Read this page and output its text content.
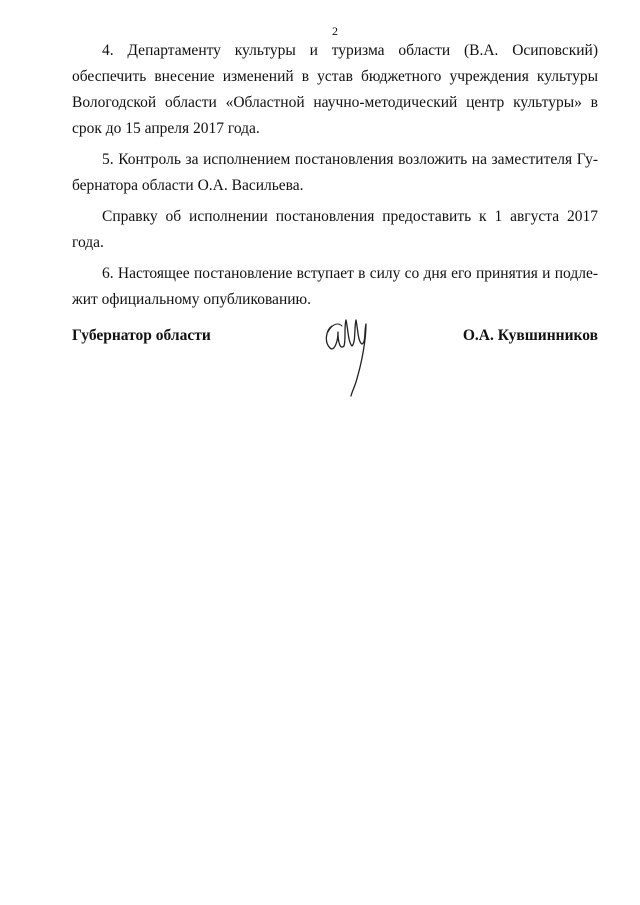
2

4. Департаменту культуры и туризма области (В.А. Осиповский) обеспечить внесение изменений в устав бюджетного учреждения культуры Вологодской области «Областной научно-методический центр культуры» в срок до 15 апреля 2017 года.

5. Контроль за исполнением постановления возложить на заместителя Губернатора области О.А. Васильева.

Справку об исполнении постановления предоставить к 1 августа 2017 года.

6. Настоящее постановление вступает в силу со дня его принятия и подлежит официальному опубликованию.

Губернатор области	О.А. Кувшинников
